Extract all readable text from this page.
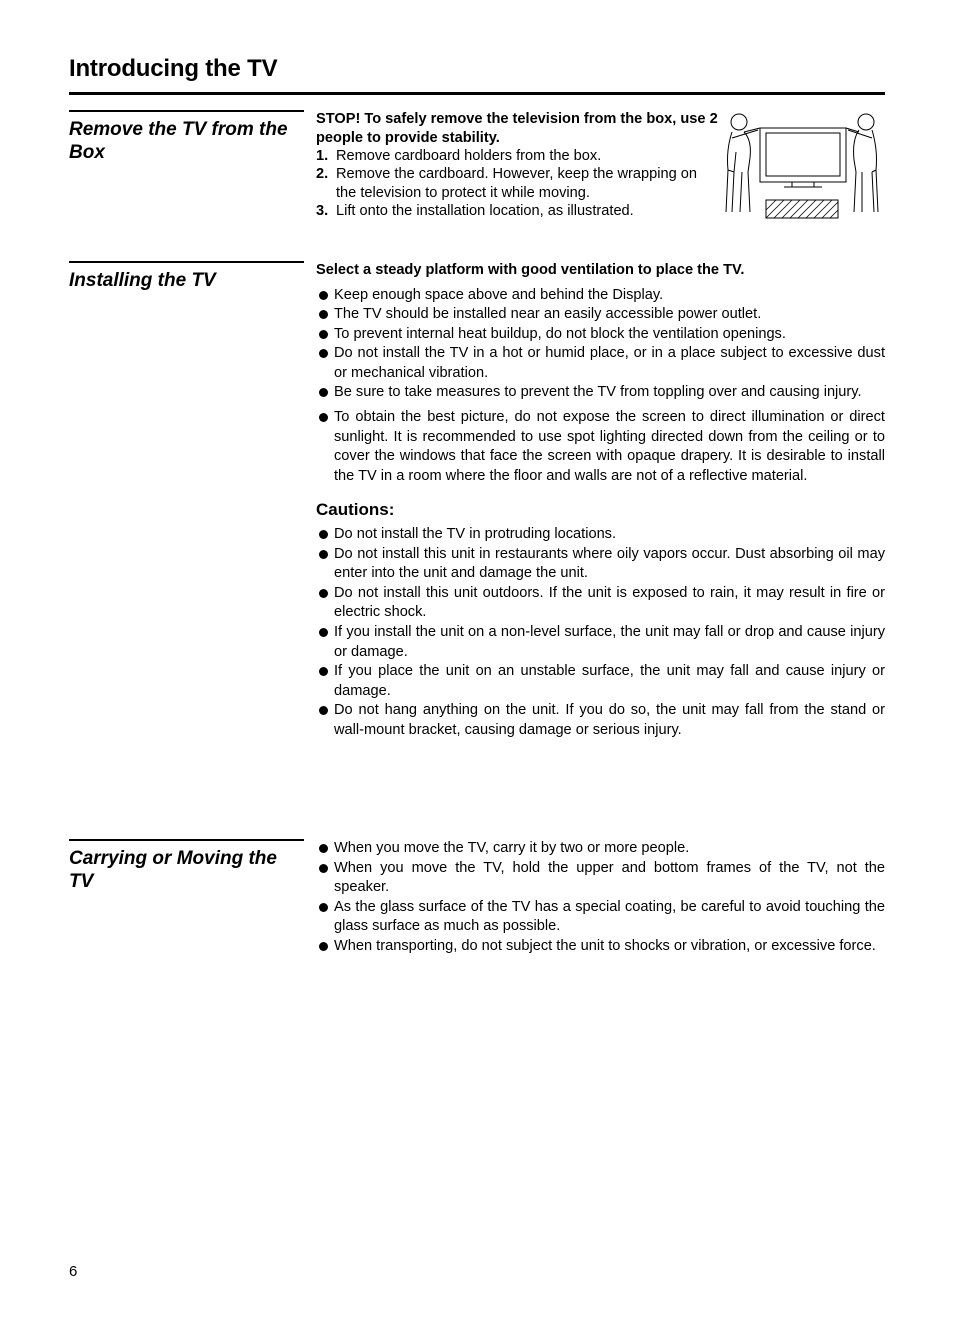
Introducing the TV
Remove the TV from the Box
STOP! To safely remove the television from the box, use 2 people to provide stability.
1. Remove cardboard holders from the box.
2. Remove the cardboard. However, keep the wrapping on the television to protect it while moving.
3. Lift onto the installation location, as illustrated.
Installing the TV	Select a steady platform with good ventilation to place the TV.
Keep enough space above and behind the Display.
The TV should be installed near an easily accessible power outlet.
To prevent internal heat buildup, do not block the ventilation openings.
Do not install the TV in a hot or humid place, or in a place subject to excessive dust or mechanical vibration.
Be sure to take measures to prevent the TV from toppling over and causing injury.
To obtain the best picture, do not expose the screen to direct illumination or direct sunlight. It is recommended to use spot lighting directed down from the ceiling or to cover the windows that face the screen with opaque drapery. It is desirable to install the TV in a room where the floor and walls are not of a reflective material.
Cautions:
Do not install the TV in protruding locations.
Do not install this unit in restaurants where oily vapors occur. Dust absorbing oil may enter into the unit and damage the unit.
Do not install this unit outdoors. If the unit is exposed to rain, it may result in fire or electric shock.
If you install the unit on a non-level surface, the unit may fall or drop and cause injury or damage.
If you place the unit on an unstable surface, the unit may fall and cause injury or damage.
Do not hang anything on the unit. If you do so, the unit may fall from the stand or wall-mount bracket, causing damage or serious injury.
Carrying or Moving the TV
When you move the TV, carry it by two or more people.
When you move the TV, hold the upper and bottom frames of the TV, not the speaker.
As the glass surface of the TV has a special coating, be careful to avoid touching the glass surface as much as possible.
When transporting, do not subject the unit to shocks or vibration, or excessive force.
6
